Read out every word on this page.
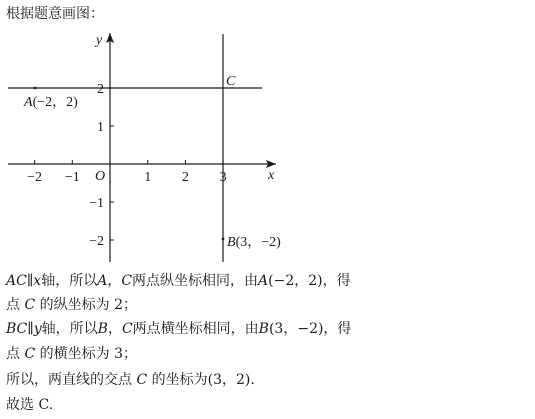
根据题意画图：
−2 −1	1 2 3
2
1
−1
−2
y
x
O
A(−2，2)
B(3，−2)
C
AC∥x轴，所以A，C两点纵坐标相同，由A(−2，2)，得
点 C 的纵坐标为 2；
BC∥y轴，所以B，C两点横坐标相同，由B(3，−2)，得
点 C 的横坐标为 3；
所以，两直线的交点 C 的坐标为(3，2).
故选 C.
